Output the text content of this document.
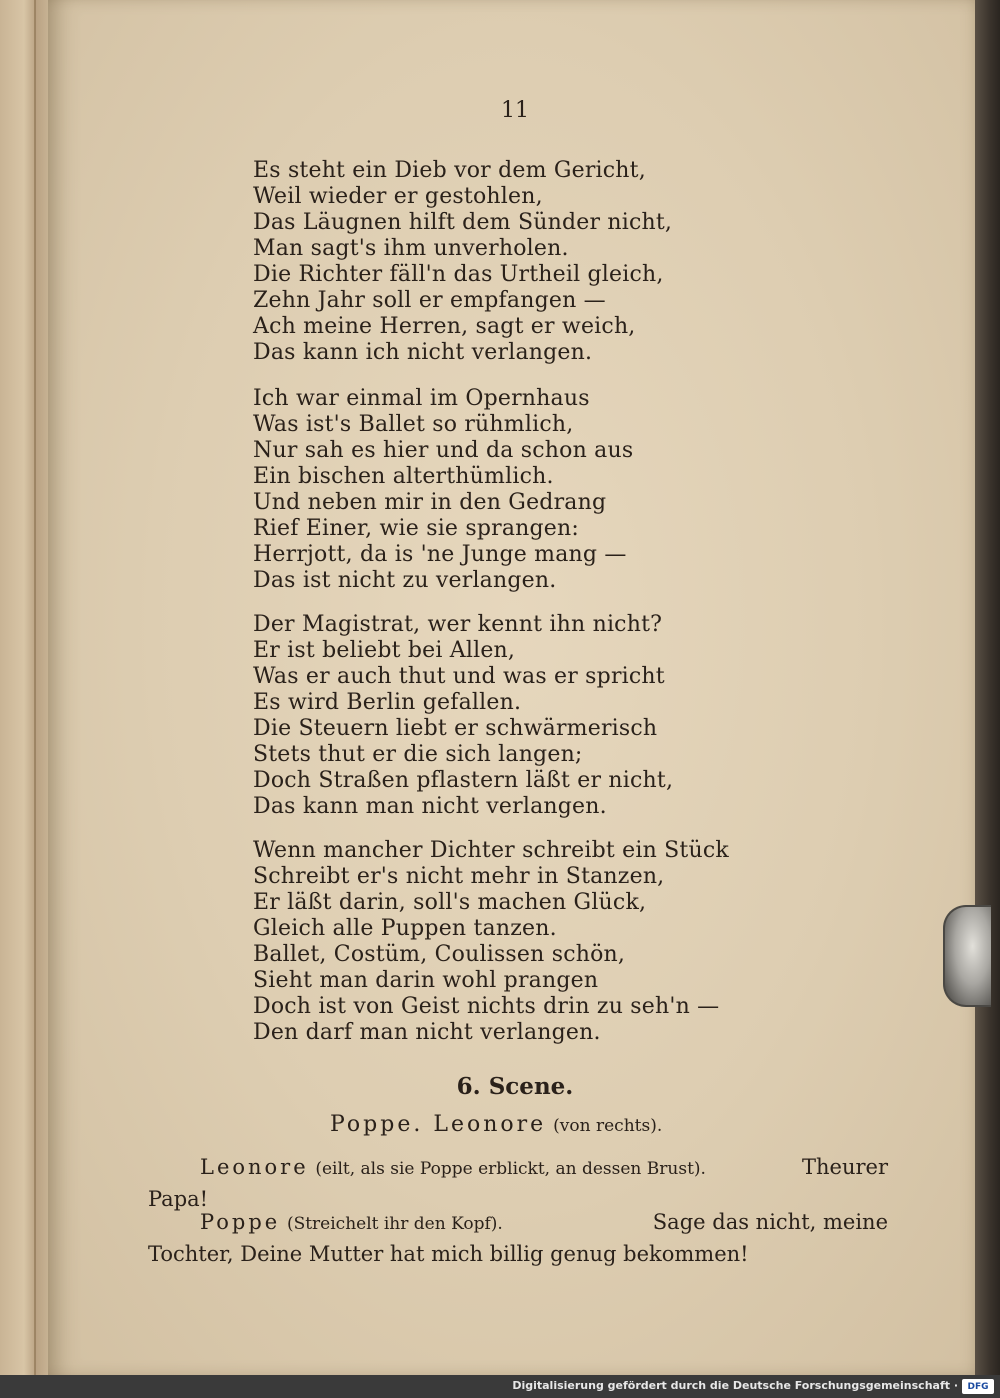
11
Es steht ein Dieb vor dem Gericht,
Weil wieder er gestohlen,
Das Läugnen hilft dem Sünder nicht,
Man sagt's ihm unverholen.
Die Richter fäll'n das Urtheil gleich,
Zehn Jahr soll er empfangen —
Ach meine Herren, sagt er weich,
Das kann ich nicht verlangen.
Ich war einmal im Opernhaus
Was ist's Ballet so rühmlich,
Nur sah es hier und da schon aus
Ein bischen alterthümlich.
Und neben mir in den Gedrang
Rief Einer, wie sie sprangen:
Herrjott, da is 'ne Junge mang —
Das ist nicht zu verlangen.
Der Magistrat, wer kennt ihn nicht?
Er ist beliebt bei Allen,
Was er auch thut und was er spricht
Es wird Berlin gefallen.
Die Steuern liebt er schwärmerisch
Stets thut er die sich langen;
Doch Straßen pflastern läßt er nicht,
Das kann man nicht verlangen.
Wenn mancher Dichter schreibt ein Stück
Schreibt er's nicht mehr in Stanzen,
Er läßt darin, soll's machen Glück,
Gleich alle Puppen tanzen.
Ballet, Costüm, Coulissen schön,
Sieht man darin wohl prangen
Doch ist von Geist nichts drin zu seh'n —
Den darf man nicht verlangen.
6. Scene.
Poppe. Leonore (von rechts).
Leonore (eilt, als sie Poppe erblickt, an dessen Brust).	Theurer
Papa!
Poppe (Streichelt ihr den Kopf).	Sage das nicht, meine
Tochter, Deine Mutter hat mich billig genug bekommen!
Digitalisierung gefördert durch die Deutsche Forschungsgemeinschaft · DFG
